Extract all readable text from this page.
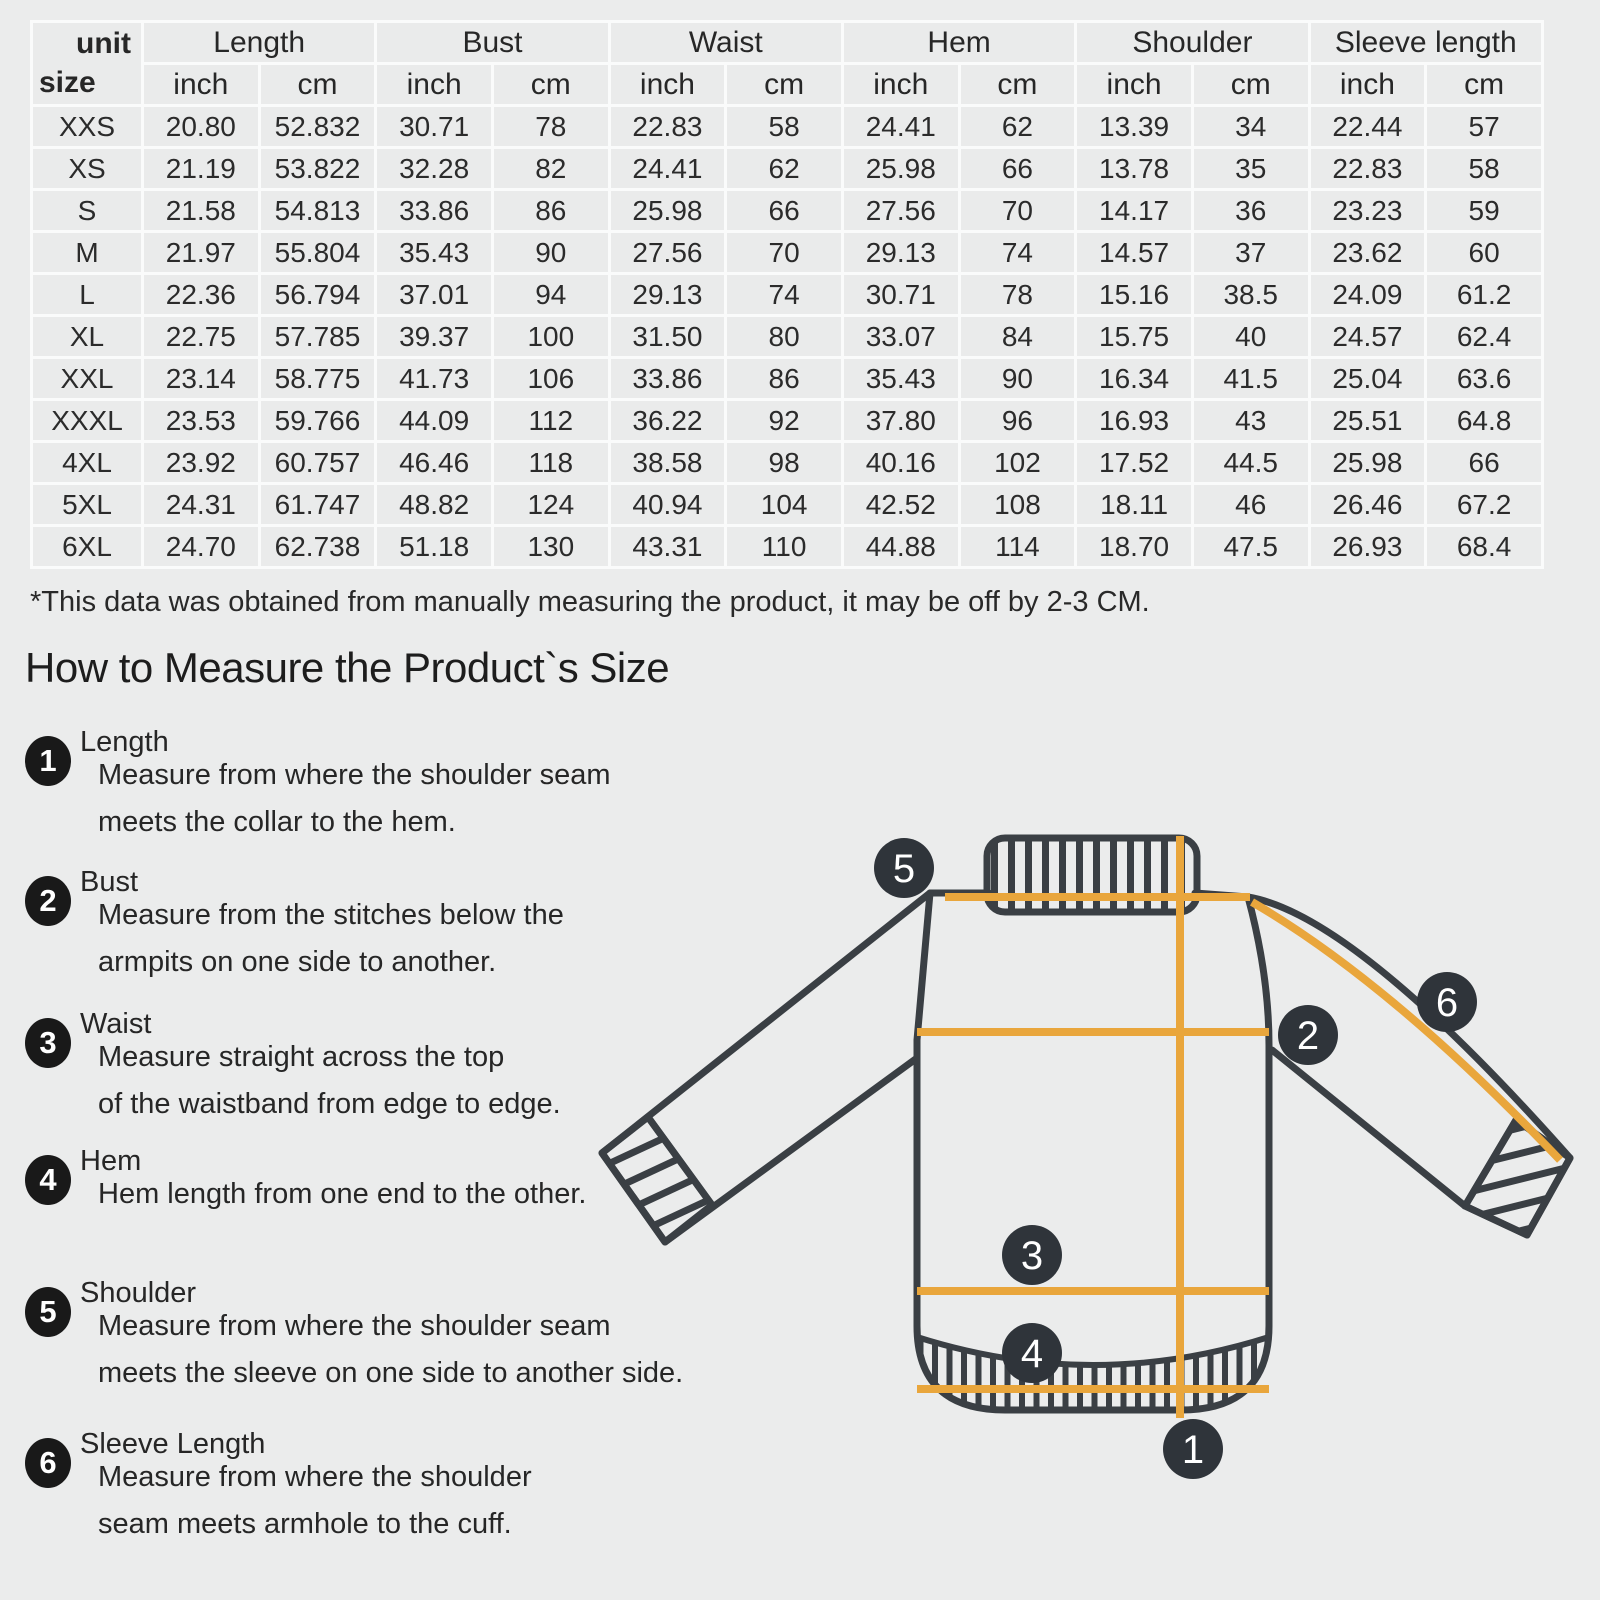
unit
size	Length		Bust		Waist		Hem		Shoulder		Sleeve length	
	inch	cm	inch	cm	inch	cm	inch	cm	inch	cm	inch	cm
XXS	20.80	52.832	30.71	78	22.83	58	24.41	62	13.39	34	22.44	57
XS	21.19	53.822	32.28	82	24.41	62	25.98	66	13.78	35	22.83	58
S	21.58	54.813	33.86	86	25.98	66	27.56	70	14.17	36	23.23	59
M	21.97	55.804	35.43	90	27.56	70	29.13	74	14.57	37	23.62	60
L	22.36	56.794	37.01	94	29.13	74	30.71	78	15.16	38.5	24.09	61.2
XL	22.75	57.785	39.37	100	31.50	80	33.07	84	15.75	40	24.57	62.4
XXL	23.14	58.775	41.73	106	33.86	86	35.43	90	16.34	41.5	25.04	63.6
XXXL	23.53	59.766	44.09	112	36.22	92	37.80	96	16.93	43	25.51	64.8
4XL	23.92	60.757	46.46	118	38.58	98	40.16	102	17.52	44.5	25.98	66
5XL	24.31	61.747	48.82	124	40.94	104	42.52	108	18.11	46	26.46	67.2
6XL	24.70	62.738	51.18	130	43.31	110	44.88	114	18.70	47.5	26.93	68.4

*This data was obtained from manually measuring the product, it may be off by 2-3 CM.

How to Measure the Product`s Size
1
Length
Measure from where the shoulder seam
meets the collar to the hem.
2
Bust
Measure from the stitches below the
armpits on one side to another.
3
Waist
Measure straight across the top
of the waistband from edge to edge.
4
Hem
Hem length from one end to the other.
5
Shoulder
Measure from where the shoulder seam
meets the sleeve on one side to another side.
6
Sleeve Length
Measure from where the shoulder
seam meets armhole to the cuff.
1
2
3
4
5
6
